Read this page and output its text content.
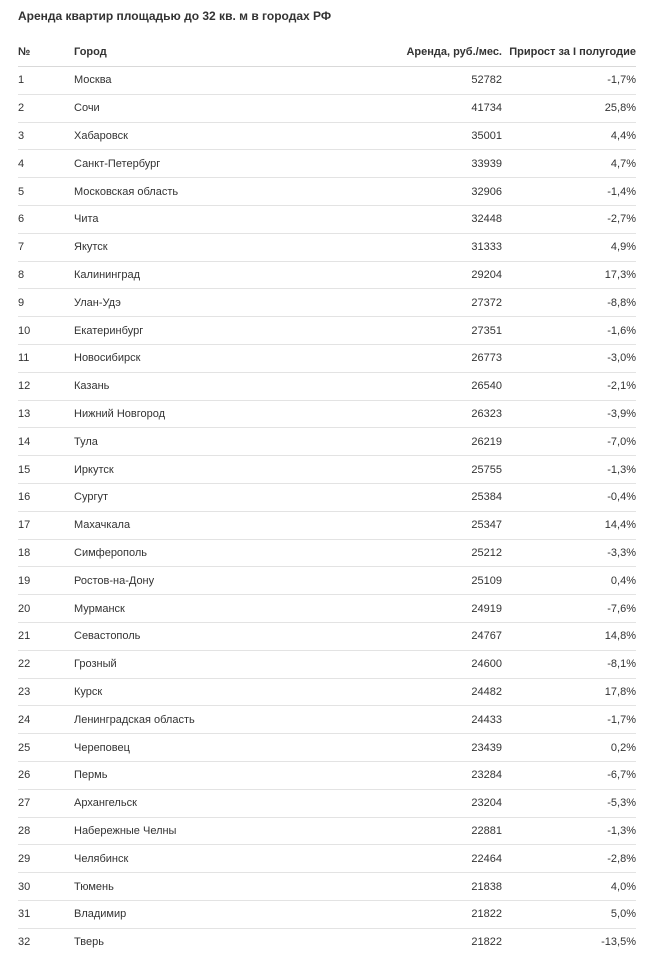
Аренда квартир площадью до 32 кв. м в городах РФ
№	Город	Аренда, руб./мес.	Прирост за I полугодие
1	Москва	52782	-1,7%
2	Сочи	41734	25,8%
3	Хабаровск	35001	4,4%
4	Санкт-Петербург	33939	4,7%
5	Московская область	32906	-1,4%
6	Чита	32448	-2,7%
7	Якутск	31333	4,9%
8	Калининград	29204	17,3%
9	Улан-Удэ	27372	-8,8%
10	Екатеринбург	27351	-1,6%
11	Новосибирск	26773	-3,0%
12	Казань	26540	-2,1%
13	Нижний Новгород	26323	-3,9%
14	Тула	26219	-7,0%
15	Иркутск	25755	-1,3%
16	Сургут	25384	-0,4%
17	Махачкала	25347	14,4%
18	Симферополь	25212	-3,3%
19	Ростов-на-Дону	25109	0,4%
20	Мурманск	24919	-7,6%
21	Севастополь	24767	14,8%
22	Грозный	24600	-8,1%
23	Курск	24482	17,8%
24	Ленинградская область	24433	-1,7%
25	Череповец	23439	0,2%
26	Пермь	23284	-6,7%
27	Архангельск	23204	-5,3%
28	Набережные Челны	22881	-1,3%
29	Челябинск	22464	-2,8%
30	Тюмень	21838	4,0%
31	Владимир	21822	5,0%
32	Тверь	21822	-13,5%
